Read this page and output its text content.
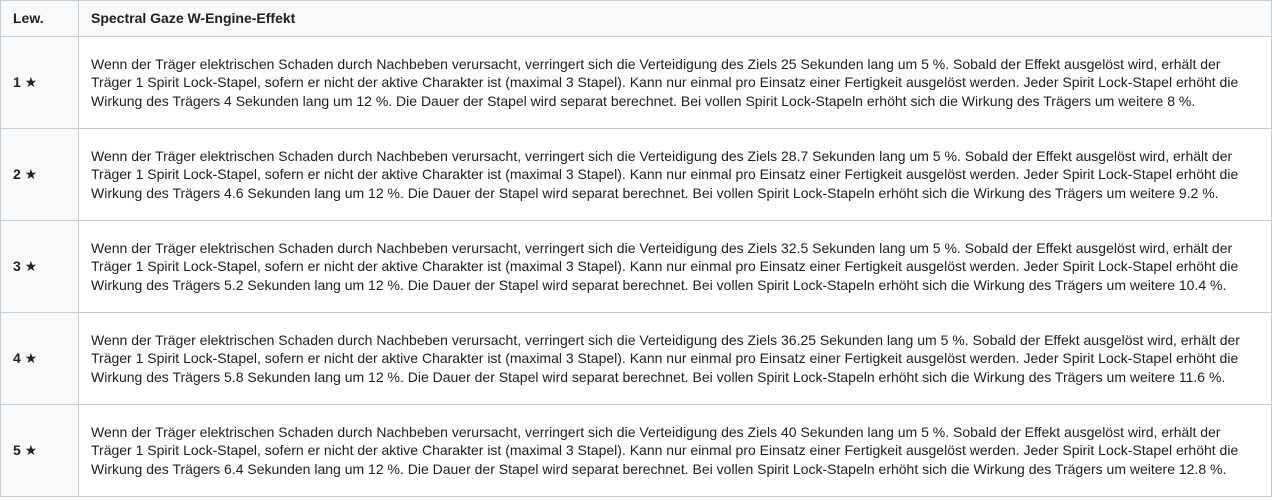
Lew.	Spectral Gaze W-Engine-Effekt
1 ★	Wenn der Träger elektrischen Schaden durch Nachbeben verursacht, verringert sich die Verteidigung des Ziels 25 Sekunden lang um 5 %. Sobald der Effekt ausgelöst wird, erhält der Träger 1 Spirit Lock-Stapel, sofern er nicht der aktive Charakter ist (maximal 3 Stapel). Kann nur einmal pro Einsatz einer Fertigkeit ausgelöst werden. Jeder Spirit Lock-Stapel erhöht die Wirkung des Trägers 4 Sekunden lang um 12 %. Die Dauer der Stapel wird separat berechnet. Bei vollen Spirit Lock-Stapeln erhöht sich die Wirkung des Trägers um weitere 8 %.
2 ★	Wenn der Träger elektrischen Schaden durch Nachbeben verursacht, verringert sich die Verteidigung des Ziels 28.7 Sekunden lang um 5 %. Sobald der Effekt ausgelöst wird, erhält der Träger 1 Spirit Lock-Stapel, sofern er nicht der aktive Charakter ist (maximal 3 Stapel). Kann nur einmal pro Einsatz einer Fertigkeit ausgelöst werden. Jeder Spirit Lock-Stapel erhöht die Wirkung des Trägers 4.6 Sekunden lang um 12 %. Die Dauer der Stapel wird separat berechnet. Bei vollen Spirit Lock-Stapeln erhöht sich die Wirkung des Trägers um weitere 9.2 %.
3 ★	Wenn der Träger elektrischen Schaden durch Nachbeben verursacht, verringert sich die Verteidigung des Ziels 32.5 Sekunden lang um 5 %. Sobald der Effekt ausgelöst wird, erhält der Träger 1 Spirit Lock-Stapel, sofern er nicht der aktive Charakter ist (maximal 3 Stapel). Kann nur einmal pro Einsatz einer Fertigkeit ausgelöst werden. Jeder Spirit Lock-Stapel erhöht die Wirkung des Trägers 5.2 Sekunden lang um 12 %. Die Dauer der Stapel wird separat berechnet. Bei vollen Spirit Lock-Stapeln erhöht sich die Wirkung des Trägers um weitere 10.4 %.
4 ★	Wenn der Träger elektrischen Schaden durch Nachbeben verursacht, verringert sich die Verteidigung des Ziels 36.25 Sekunden lang um 5 %. Sobald der Effekt ausgelöst wird, erhält der Träger 1 Spirit Lock-Stapel, sofern er nicht der aktive Charakter ist (maximal 3 Stapel). Kann nur einmal pro Einsatz einer Fertigkeit ausgelöst werden. Jeder Spirit Lock-Stapel erhöht die Wirkung des Trägers 5.8 Sekunden lang um 12 %. Die Dauer der Stapel wird separat berechnet. Bei vollen Spirit Lock-Stapeln erhöht sich die Wirkung des Trägers um weitere 11.6 %.
5 ★	Wenn der Träger elektrischen Schaden durch Nachbeben verursacht, verringert sich die Verteidigung des Ziels 40 Sekunden lang um 5 %. Sobald der Effekt ausgelöst wird, erhält der Träger 1 Spirit Lock-Stapel, sofern er nicht der aktive Charakter ist (maximal 3 Stapel). Kann nur einmal pro Einsatz einer Fertigkeit ausgelöst werden. Jeder Spirit Lock-Stapel erhöht die Wirkung des Trägers 6.4 Sekunden lang um 12 %. Die Dauer der Stapel wird separat berechnet. Bei vollen Spirit Lock-Stapeln erhöht sich die Wirkung des Trägers um weitere 12.8 %.
